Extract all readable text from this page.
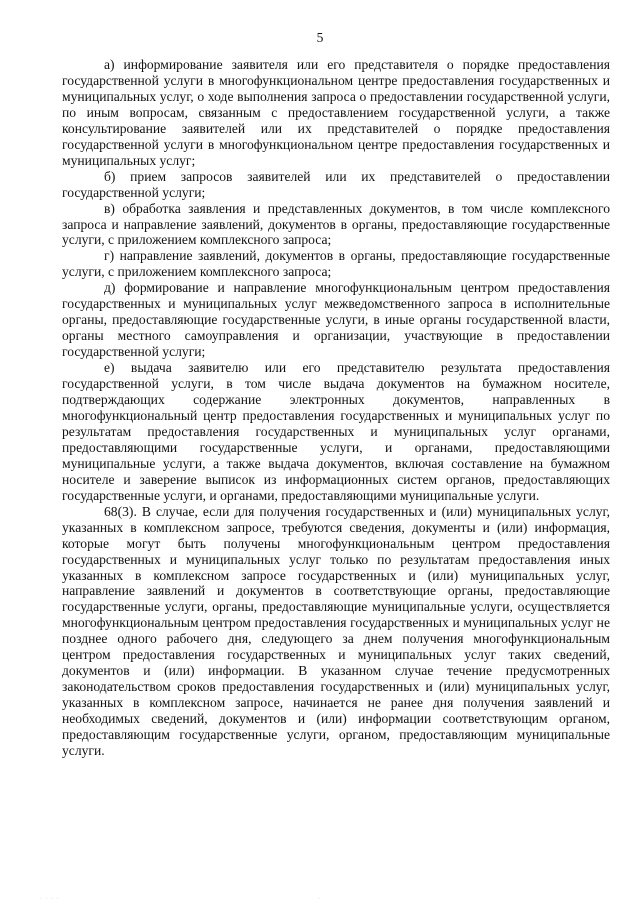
5

а) информирование заявителя или его представителя о порядке предоставления государственной услуги в многофункциональном центре предоставления государственных и муниципальных услуг, о ходе выполнения запроса о предоставлении государственной услуги, по иным вопросам, связанным с предоставлением государственной услуги, а также консультирование заявителей или их представителей о порядке предоставления государственной услуги в многофункциональном центре предоставления государственных и муниципальных услуг;

б) прием запросов заявителей или их представителей о предоставлении государственной услуги;

в) обработка заявления и представленных документов, в том числе комплексного запроса и направление заявлений, документов в органы, предоставляющие государственные услуги, с приложением комплексного запроса;

г) направление заявлений, документов в органы, предоставляющие государственные услуги, с приложением комплексного запроса;

д) формирование и направление многофункциональным центром предоставления государственных и муниципальных услуг межведомственного запроса в исполнительные органы, предоставляющие государственные услуги, в иные органы государственной власти, органы местного самоуправления и организации, участвующие в предоставлении государственной услуги;

е) выдача заявителю или его представителю результата предоставления государственной услуги, в том числе выдача документов на бумажном носителе, подтверждающих содержание электронных документов, направленных в многофункциональный центр предоставления государственных и муниципальных услуг по результатам предоставления государственных и муниципальных услуг органами, предоставляющими государственные услуги, и органами, предоставляющими муниципальные услуги, а также выдача документов, включая составление на бумажном носителе и заверение выписок из информационных систем органов, предоставляющих государственные услуги, и органами, предоставляющими муниципальные услуги.

68(3). В случае, если для получения государственных и (или) муниципальных услуг, указанных в комплексном запросе, требуются сведения, документы и (или) информация, которые могут быть получены многофункциональным центром предоставления государственных и муниципальных услуг только по результатам предоставления иных указанных в комплексном запросе государственных и (или) муниципальных услуг, направление заявлений и документов в соответствующие органы, предоставляющие государственные услуги, органы, предоставляющие муниципальные услуги, осуществляется многофункциональным центром предоставления государственных и муниципальных услуг не позднее одного рабочего дня, следующего за днем получения многофункциональным центром предоставления государственных и муниципальных услуг таких сведений, документов и (или) информации. В указанном случае течение предусмотренных законодательством сроков предоставления государственных и (или) муниципальных услуг, указанных в комплексном запросе, начинается не ранее дня получения заявлений и необходимых сведений, документов и (или) информации соответствующим органом, предоставляющим государственные услуги, органом, предоставляющим муниципальные услуги.

· · · ·	·
